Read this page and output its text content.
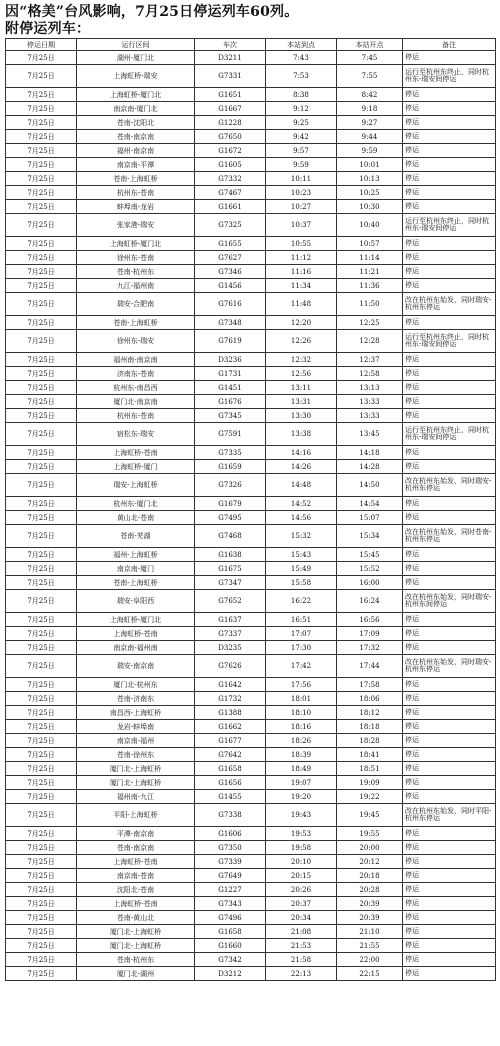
因“格美”台风影响，7月25日停运列车60列。
附停运列车：
停运日期	运行区间	车次	本站到点	本站开点	备注
7月25日	湖州-厦门北	D3211	7:43	7:45	停运
7月25日	上海虹桥-瑞安	G7331	7:53	7:55	运行至杭州东终止，同时杭州东-瑞安间停运
7月25日	上海虹桥-厦门北	G1651	8:38	8:42	停运
7月25日	南京南-厦门北	G1667	9:12	9:18	停运
7月25日	苍南-沈阳北	G1228	9:25	9:27	停运
7月25日	苍南-南京南	G7650	9:42	9:44	停运
7月25日	福州-南京南	G1672	9:57	9:59	停运
7月25日	南京南-平潭	G1605	9:59	10:01	停运
7月25日	苍南-上海虹桥	G7332	10:11	10:13	停运
7月25日	杭州东-苍南	G7467	10:23	10:25	停运
7月25日	蚌埠南-龙岩	G1661	10:27	10:30	停运
7月25日	张家港-瑞安	G7325	10:37	10:40	运行至杭州东终止，同时杭州东-瑞安间停运
7月25日	上海虹桥-厦门北	G1655	10:55	10:57	停运
7月25日	徐州东-苍南	G7627	11:12	11:14	停运
7月25日	苍南-杭州东	G7346	11:16	11:21	停运
7月25日	九江-福州南	G1456	11:34	11:36	停运
7月25日	瑞安-合肥南	G7616	11:48	11:50	改在杭州东始发，同时瑞安-杭州东停运
7月25日	苍南-上海虹桥	G7348	12:20	12:25	停运
7月25日	徐州东-瑞安	G7619	12:26	12:28	运行至杭州东终止，同时杭州东-瑞安间停运
7月25日	福州南-南京南	D3236	12:32	12:37	停运
7月25日	济南东-苍南	G1731	12:56	12:58	停运
7月25日	杭州东-南昌西	G1451	13:11	13:13	停运
7月25日	厦门北-南京南	G1676	13:31	13:33	停运
7月25日	杭州东-苍南	G7345	13:30	13:33	停运
7月25日	宿松东-瑞安	G7591	13:38	13:45	运行至杭州东终止，同时杭州东-瑞安间停运
7月25日	上海虹桥-苍南	G7335	14:16	14:18	停运
7月25日	上海虹桥-厦门	G1659	14:26	14:28	停运
7月25日	瑞安-上海虹桥	G7326	14:48	14:50	改在杭州东始发，同时瑞安-杭州东停运
7月25日	杭州东-厦门北	G1679	14:52	14:54	停运
7月25日	黄山北-苍南	G7495	14:56	15:07	停运
7月25日	苍南-芜湖	G7468	15:32	15:34	改在杭州东始发，同时苍南-杭州东停运
7月25日	福州-上海虹桥	G1638	15:43	15:45	停运
7月25日	南京南-厦门	G1675	15:49	15:52	停运
7月25日	苍南-上海虹桥	G7347	15:58	16:00	停运
7月25日	瑞安-阜阳西	G7652	16:22	16:24	改在杭州东始发，同时瑞安-杭州东间停运
7月25日	上海虹桥-厦门北	G1637	16:51	16:56	停运
7月25日	上海虹桥-苍南	G7337	17:07	17:09	停运
7月25日	南京南-福州南	D3235	17:30	17:32	停运
7月25日	瑞安-南京南	G7626	17:42	17:44	改在杭州东始发，同时瑞安-杭州东停运
7月25日	厦门北-杭州东	G1642	17:56	17:58	停运
7月25日	苍南-济南东	G1732	18:01	18:06	停运
7月25日	南昌西-上海虹桥	G1388	18:10	18:12	停运
7月25日	龙岩-蚌埠南	G1662	18:16	18:18	停运
7月25日	南京南-福州	G1677	18:26	18:28	停运
7月25日	苍南-徐州东	G7642	18:39	18:41	停运
7月25日	厦门北-上海虹桥	G1658	18:49	18:51	停运
7月25日	厦门北-上海虹桥	G1656	19:07	19:09	停运
7月25日	福州南-九江	G1455	19:20	19:22	停运
7月25日	平阳-上海虹桥	G7338	19:43	19:45	改在杭州东始发，同时平阳-杭州东停运
7月25日	平潭-南京南	G1606	19:53	19:55	停运
7月25日	苍南-南京南	G7350	19:58	20:00	停运
7月25日	上海虹桥-苍南	G7339	20:10	20:12	停运
7月25日	南京南-苍南	G7649	20:15	20:18	停运
7月25日	沈阳北-苍南	G1227	20:26	20:28	停运
7月25日	上海虹桥-苍南	G7343	20:37	20:39	停运
7月25日	苍南-黄山北	G7496	20:34	20:39	停运
7月25日	厦门北-上海虹桥	G1658	21:08	21:10	停运
7月25日	厦门北-上海虹桥	G1660	21:53	21:55	停运
7月25日	苍南-杭州东	G7342	21:58	22:00	停运
7月25日	厦门北-湖州	D3212	22:13	22:15	停运
